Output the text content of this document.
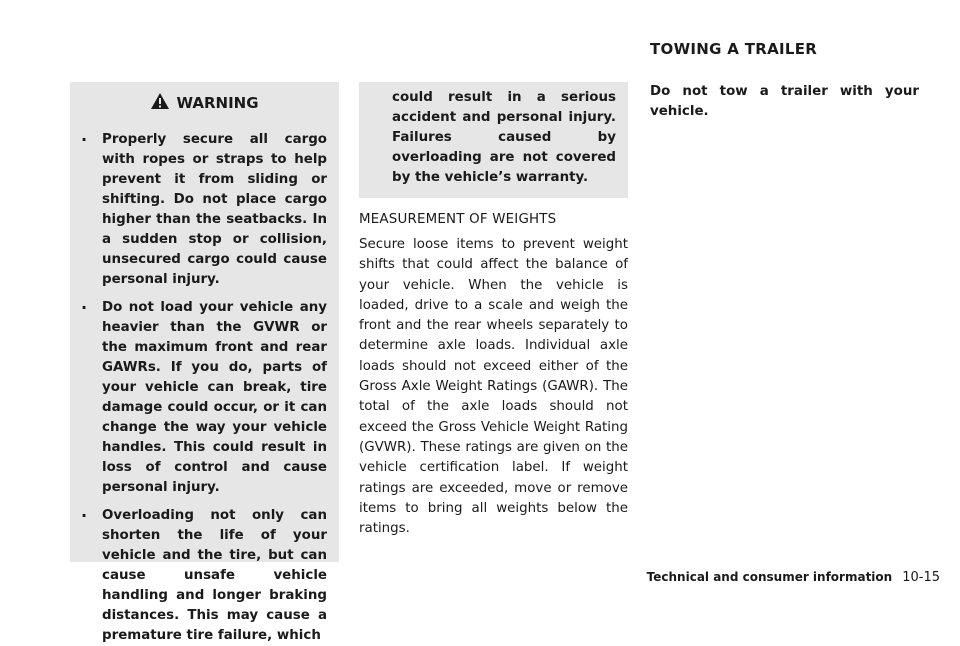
TOWING A TRAILER
WARNING
. Properly secure all cargo with ropes or straps to help prevent it from sliding or shifting. Do not place cargo higher than the seatbacks. In a sudden stop or collision, unsecured cargo could cause personal injury.
. Do not load your vehicle any heavier than the GVWR or the maximum front and rear GAWRs. If you do, parts of your vehicle can break, tire damage could occur, or it can change the way your vehicle handles. This could result in loss of control and cause personal injury.
. Overloading not only can shorten the life of your vehicle and the tire, but can cause unsafe vehicle handling and longer braking distances. This may cause a premature tire failure, which
could result in a serious accident and personal injury. Failures caused by overloading are not covered by the vehicle’s warranty.
MEASUREMENT OF WEIGHTS
Secure loose items to prevent weight shifts that could affect the balance of your vehicle. When the vehicle is loaded, drive to a scale and weigh the front and the rear wheels separately to determine axle loads. Individual axle loads should not exceed either of the Gross Axle Weight Ratings (GAWR). The total of the axle loads should not exceed the Gross Vehicle Weight Rating (GVWR). These ratings are given on the vehicle certification label. If weight ratings are exceeded, move or remove items to bring all weights below the ratings.
Do not tow a trailer with your vehicle.
Technical and consumer information 10-15
